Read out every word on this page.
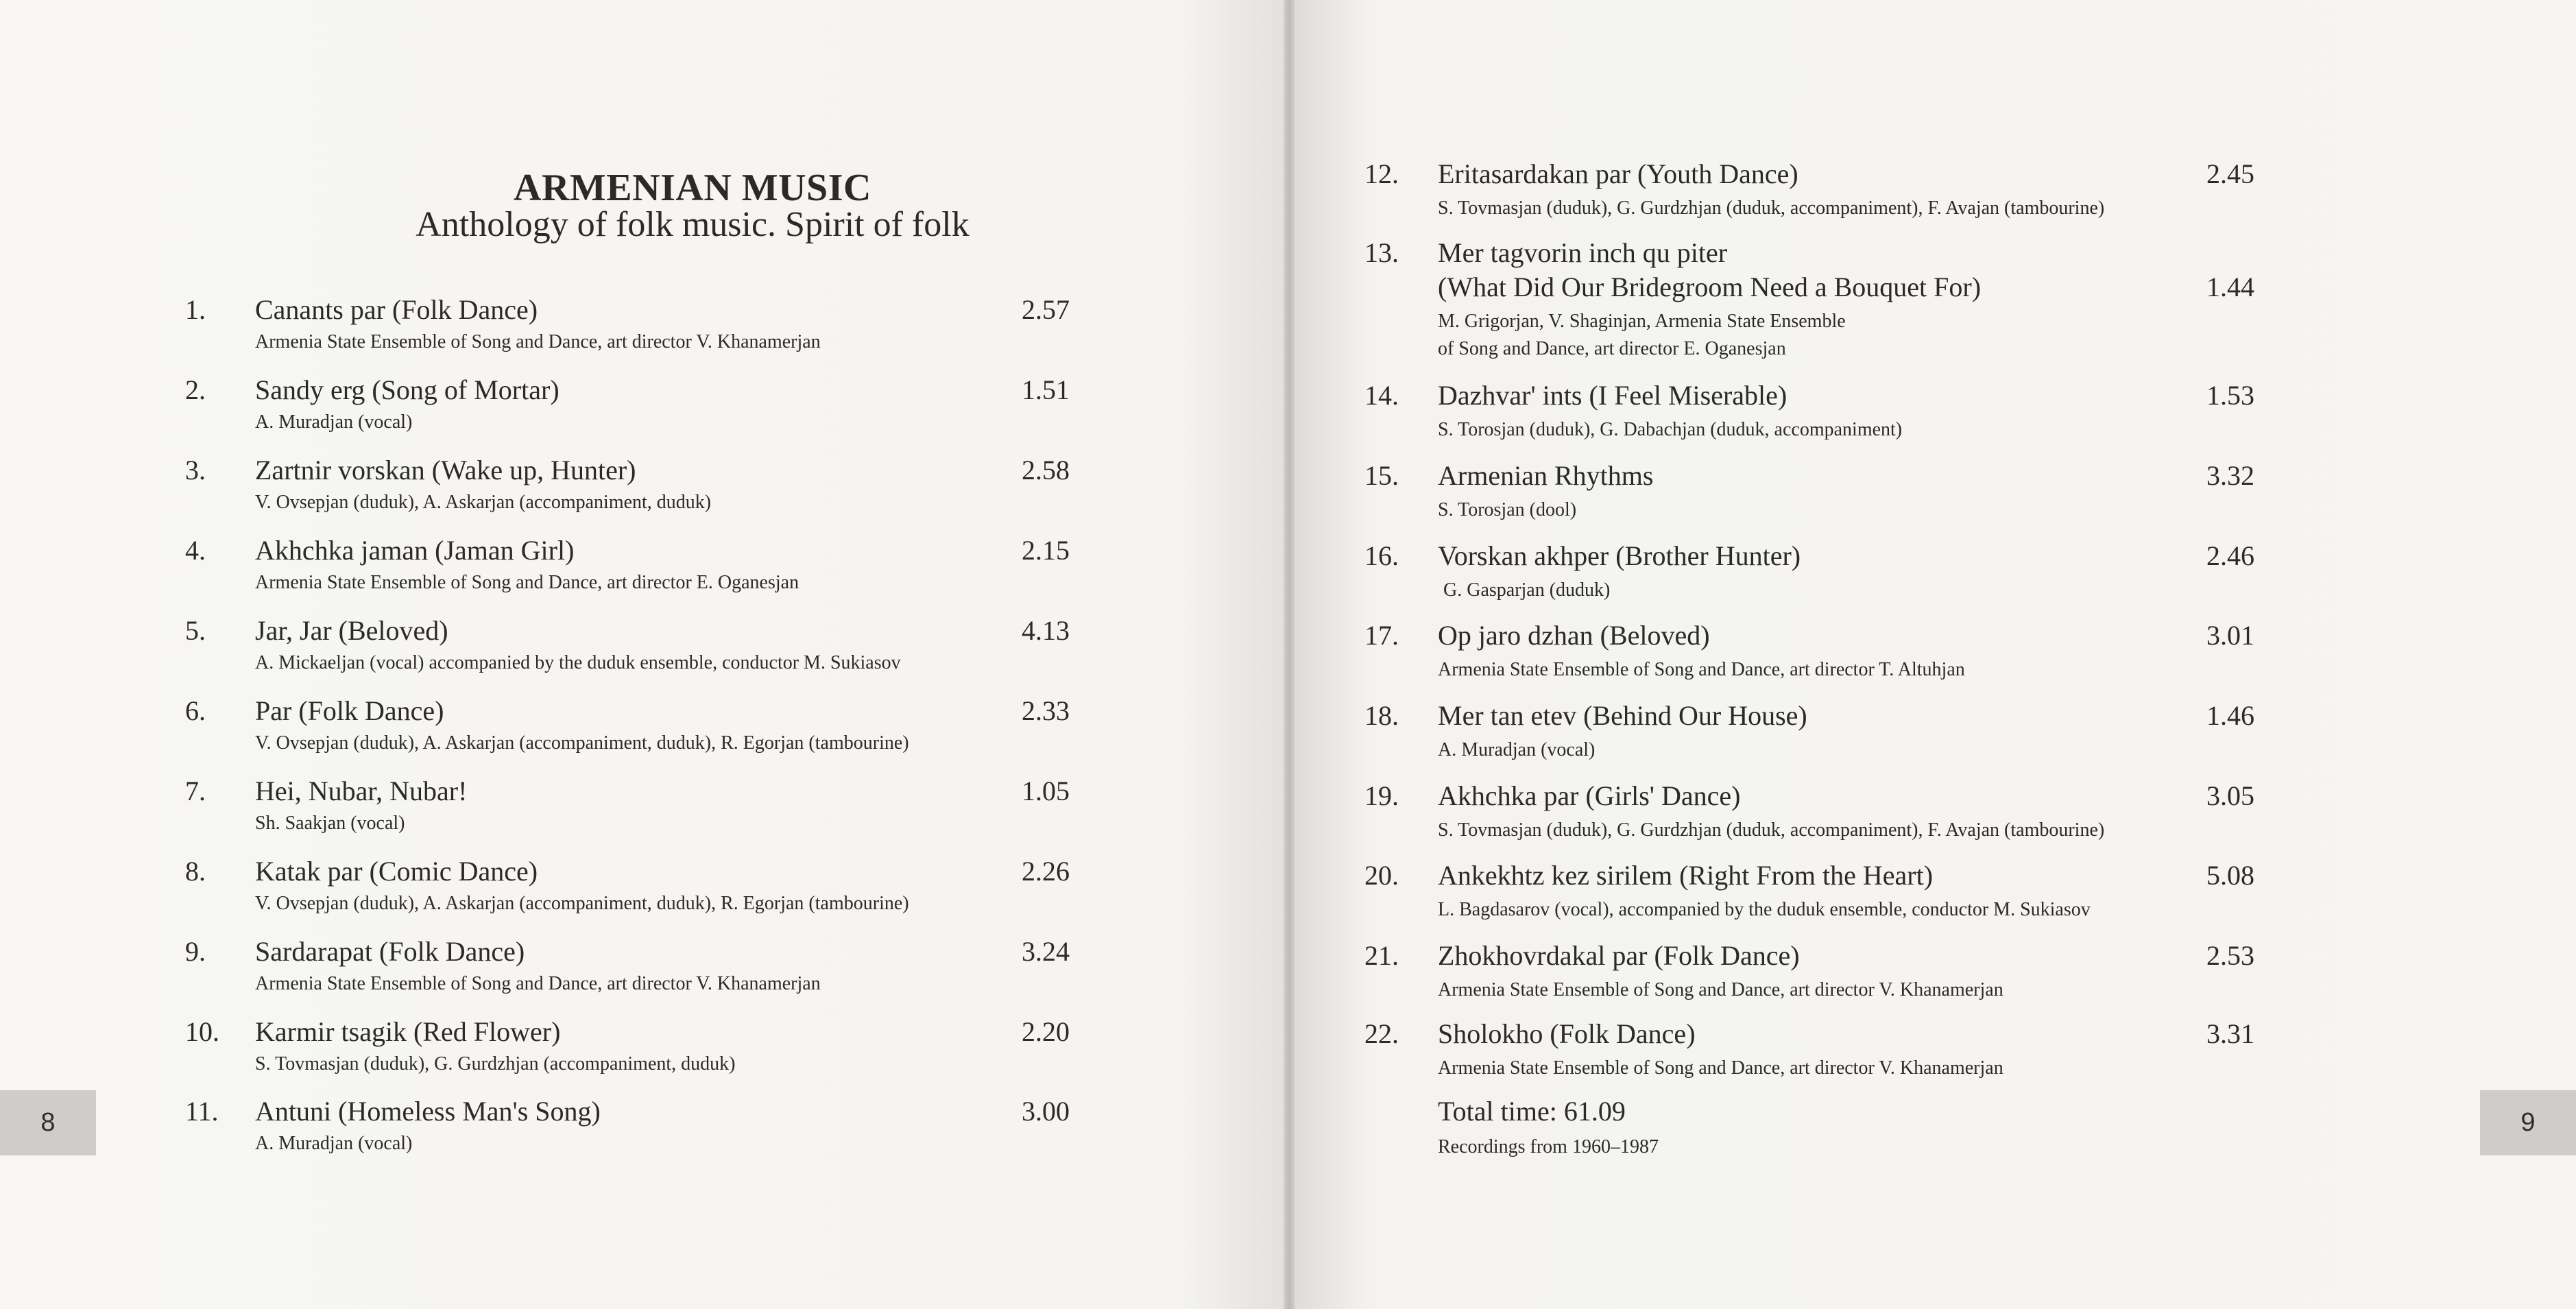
ARMENIAN MUSIC
Anthology of folk music. Spirit of folk
1.	Canants par (Folk Dance)	2.57
Armenia State Ensemble of Song and Dance, art director V. Khanamerjan
2.	Sandy erg (Song of Mortar)	1.51
A. Muradjan (vocal)
3.	Zartnir vorskan (Wake up, Hunter)	2.58
V. Ovsepjan (duduk), A. Askarjan (accompaniment, duduk)
4.	Akhchka jaman (Jaman Girl)	2.15
Armenia State Ensemble of Song and Dance, art director E. Oganesjan
5.	Jar, Jar (Beloved)	4.13
A. Mickaeljan (vocal) accompanied by the duduk ensemble, conductor M. Sukiasov
6.	Par (Folk Dance)	2.33
V. Ovsepjan (duduk), A. Askarjan (accompaniment, duduk), R. Egorjan (tambourine)
7.	Hei, Nubar, Nubar!	1.05
Sh. Saakjan (vocal)
8.	Katak par (Comic Dance)	2.26
V. Ovsepjan (duduk), A. Askarjan (accompaniment, duduk), R. Egorjan (tambourine)
9.	Sardarapat (Folk Dance)	3.24
Armenia State Ensemble of Song and Dance, art director V. Khanamerjan
10.	Karmir tsagik (Red Flower)	2.20
S. Tovmasjan (duduk), G. Gurdzhjan (accompaniment, duduk)
11.	Antuni (Homeless Man's Song)	3.00
A. Muradjan (vocal)
12.	Eritasardakan par (Youth Dance)	2.45
S. Tovmasjan (duduk), G. Gurdzhjan (duduk, accompaniment), F. Avajan (tambourine)
13.	Mer tagvorin inch qu piter
(What Did Our Bridegroom Need a Bouquet For)	1.44
M. Grigorjan, V. Shaginjan, Armenia State Ensemble
of Song and Dance, art director E. Oganesjan
14.	Dazhvar' ints (I Feel Miserable)	1.53
S. Torosjan (duduk), G. Dabachjan (duduk, accompaniment)
15.	Armenian Rhythms	3.32
S. Torosjan (dool)
16.	Vorskan akhper (Brother Hunter)	2.46
G. Gasparjan (duduk)
17.	Op jaro dzhan (Beloved)	3.01
Armenia State Ensemble of Song and Dance, art director T. Altuhjan
18.	Mer tan etev (Behind Our House)	1.46
A. Muradjan (vocal)
19.	Akhchka par (Girls' Dance)	3.05
S. Tovmasjan (duduk), G. Gurdzhjan (duduk, accompaniment), F. Avajan (tambourine)
20.	Ankekhtz kez sirilem (Right From the Heart)	5.08
L. Bagdasarov (vocal), accompanied by the duduk ensemble, conductor M. Sukiasov
21.	Zhokhovrdakal par (Folk Dance)	2.53
Armenia State Ensemble of Song and Dance, art director V. Khanamerjan
22.	Sholokho (Folk Dance)	3.31
Armenia State Ensemble of Song and Dance, art director V. Khanamerjan
Total time: 61.09
Recordings from 1960–1987
8	9
